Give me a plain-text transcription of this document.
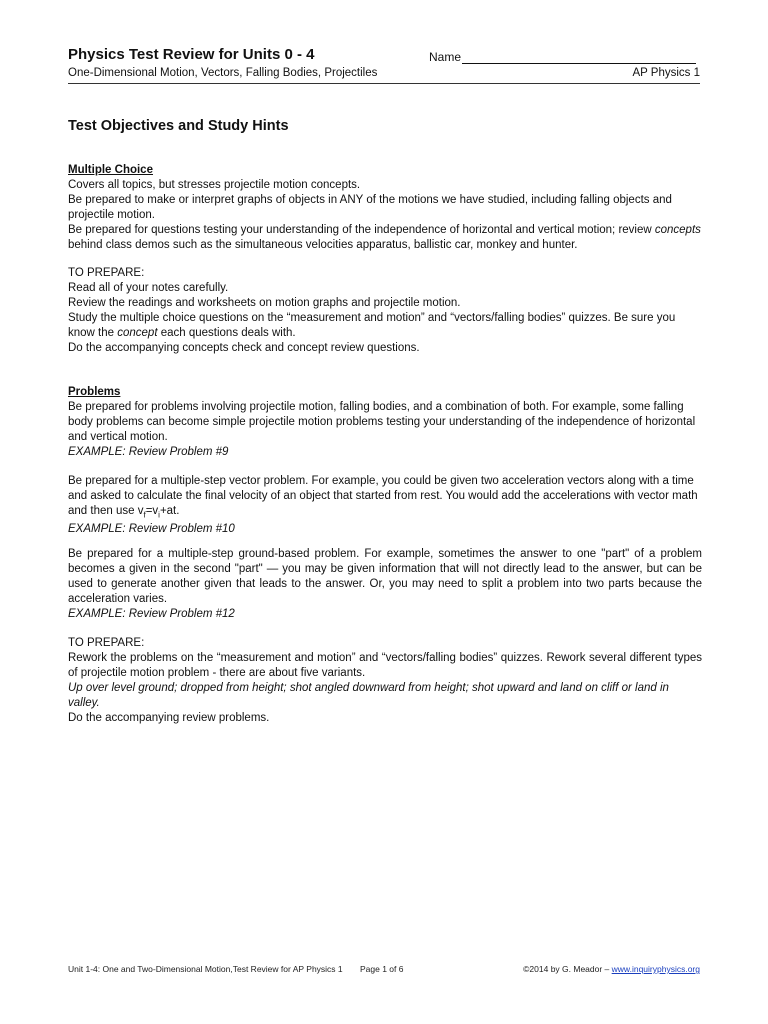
Physics Test Review for Units 0 - 4	Name
One-Dimensional Motion, Vectors, Falling Bodies, Projectiles	AP Physics 1
Test Objectives and Study Hints

Multiple Choice

Covers all topics, but stresses projectile motion concepts.

Be prepared to make or interpret graphs of objects in ANY of the motions we have studied, including falling objects and projectile motion.

Be prepared for questions testing your understanding of the independence of horizontal and vertical motion; review concepts behind class demos such as the simultaneous velocities apparatus, ballistic car, monkey and hunter.

TO PREPARE:

Read all of your notes carefully.

Review the readings and worksheets on motion graphs and projectile motion.

Study the multiple choice questions on the “measurement and motion” and “vectors/falling bodies” quizzes. Be sure you know the concept each questions deals with.

Do the accompanying concepts check and concept review questions.

Problems

Be prepared for problems involving projectile motion, falling bodies, and a combination of both. For example, some falling body problems can become simple projectile motion problems testing your understanding of the independence of horizontal and vertical motion.

EXAMPLE: Review Problem #9

Be prepared for a multiple-step vector problem. For example, you could be given two acceleration vectors along with a time and asked to calculate the final velocity of an object that started from rest. You would add the accelerations with vector math and then use $v_f=v_i+at$.

EXAMPLE: Review Problem #10

Be prepared for a multiple-step ground-based problem. For example, sometimes the answer to one "part" of a problem becomes a given in the second "part" — you may be given information that will not directly lead to the answer, but can be used to generate another given that leads to the answer. Or, you may need to split a problem into two parts because the acceleration varies.

EXAMPLE: Review Problem #12

TO PREPARE:

Rework the problems on the “measurement and motion” and “vectors/falling bodies” quizzes. Rework several different types of projectile motion problem - there are about five variants.

Up over level ground; dropped from height; shot angled downward from height; shot upward and land on cliff or land in valley.

Do the accompanying review problems.

Unit 1-4: One and Two-Dimensional Motion,Test Review for AP Physics 1 Page 1 of 6	©2014 by G. Meador – www.inquiryphysics.org
